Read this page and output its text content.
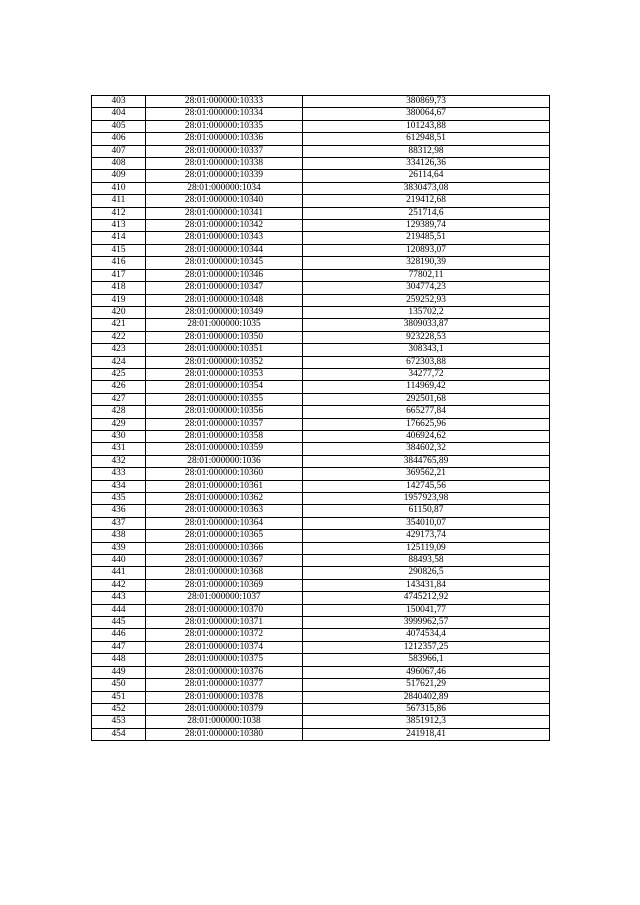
403	28:01:000000:10333	380869,73
404	28:01:000000:10334	380064,67
405	28:01:000000:10335	101243,88
406	28:01:000000:10336	612948,51
407	28:01:000000:10337	88312,98
408	28:01:000000:10338	334126,36
409	28:01:000000:10339	26114,64
410	28:01:000000:1034	3830473,08
411	28:01:000000:10340	219412,68
412	28:01:000000:10341	251714,6
413	28:01:000000:10342	129389,74
414	28:01:000000:10343	219485,51
415	28:01:000000:10344	120893,07
416	28:01:000000:10345	328190,39
417	28:01:000000:10346	77802,11
418	28:01:000000:10347	304774,23
419	28:01:000000:10348	259252,93
420	28:01:000000:10349	135702,2
421	28:01:000000:1035	3809033,87
422	28:01:000000:10350	923228,53
423	28:01:000000:10351	308343,1
424	28:01:000000:10352	672303,88
425	28:01:000000:10353	34277,72
426	28:01:000000:10354	114969,42
427	28:01:000000:10355	292501,68
428	28:01:000000:10356	665277,84
429	28:01:000000:10357	176625,96
430	28:01:000000:10358	406924,62
431	28:01:000000:10359	384602,32
432	28:01:000000:1036	3844765,89
433	28:01:000000:10360	369562,21
434	28:01:000000:10361	142745,56
435	28:01:000000:10362	1957923,98
436	28:01:000000:10363	61150,87
437	28:01:000000:10364	354010,07
438	28:01:000000:10365	429173,74
439	28:01:000000:10366	125119,09
440	28:01:000000:10367	88493,58
441	28:01:000000:10368	290826,5
442	28:01:000000:10369	143431,84
443	28:01:000000:1037	4745212,92
444	28:01:000000:10370	150041,77
445	28:01:000000:10371	3999962,57
446	28:01:000000:10372	4074534,4
447	28:01:000000:10374	1212357,25
448	28:01:000000:10375	583966,1
449	28:01:000000:10376	496067,46
450	28:01:000000:10377	517621,29
451	28:01:000000:10378	2840402,89
452	28:01:000000:10379	567315,86
453	28:01:000000:1038	3851912,3
454	28:01:000000:10380	241918,41
